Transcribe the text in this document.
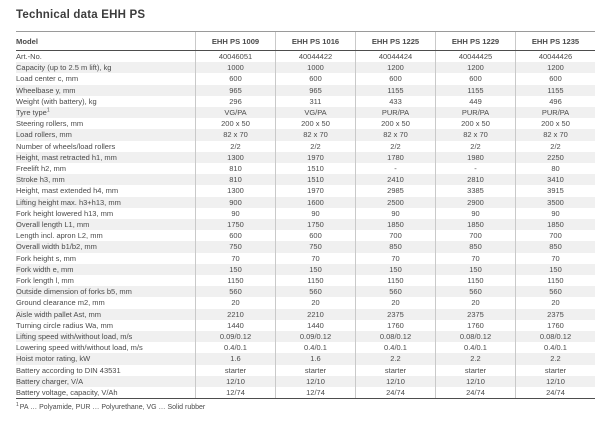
Technical data EHH PS
Model	EHH PS 1009	EHH PS 1016	EHH PS 1225	EHH PS 1229	EHH PS 1235
Art.-No.	40046051	40044422	40044424	40044425	40044426
Capacity (up to 2.5 m lift), kg	1000	1000	1200	1200	1200
Load center c, mm	600	600	600	600	600
Wheelbase y, mm	965	965	1155	1155	1155
Weight (with battery), kg	296	311	433	449	496
Tyre type$^1$	VG/PA	VG/PA	PUR/PA	PUR/PA	PUR/PA
Steering rollers, mm	200 x 50	200 x 50	200 x 50	200 x 50	200 x 50
Load rollers, mm	82 x 70	82 x 70	82 x 70	82 x 70	82 x 70
Number of wheels/load rollers	2/2	2/2	2/2	2/2	2/2
Height, mast retracted h1, mm	1300	1970	1780	1980	2250
Freelift h2, mm	810	1510	-	-	80
Stroke h3, mm	810	1510	2410	2810	3410
Height, mast extended h4, mm	1300	1970	2985	3385	3915
Lifting height max. h3+h13, mm	900	1600	2500	2900	3500
Fork height lowered h13, mm	90	90	90	90	90
Overall length L1, mm	1750	1750	1850	1850	1850
Length incl. apron L2, mm	600	600	700	700	700
Overall width b1/b2, mm	750	750	850	850	850
Fork height s, mm	70	70	70	70	70
Fork width e, mm	150	150	150	150	150
Fork length l, mm	1150	1150	1150	1150	1150
Outside dimension of forks b5, mm	560	560	560	560	560
Ground clearance m2, mm	20	20	20	20	20
Aisle width pallet Ast, mm	2210	2210	2375	2375	2375
Turning circle radius Wa, mm	1440	1440	1760	1760	1760
Lifting speed with/without load, m/s	0.09/0.12	0.09/0.12	0.08/0.12	0.08/0.12	0.08/0.12
Lowering speed with/without load, m/s	0.4/0.1	0.4/0.1	0.4/0.1	0.4/0.1	0.4/0.1
Hoist motor rating, kW	1.6	1.6	2.2	2.2	2.2
Battery according to DIN 43531	starter	starter	starter	starter	starter
Battery charger, V/A	12/10	12/10	12/10	12/10	12/10
Battery voltage, capacity, V/Ah	12/74	12/74	24/74	24/74	24/74

$^1$PA … Polyamide, PUR … Polyurethane, VG … Solid rubber
